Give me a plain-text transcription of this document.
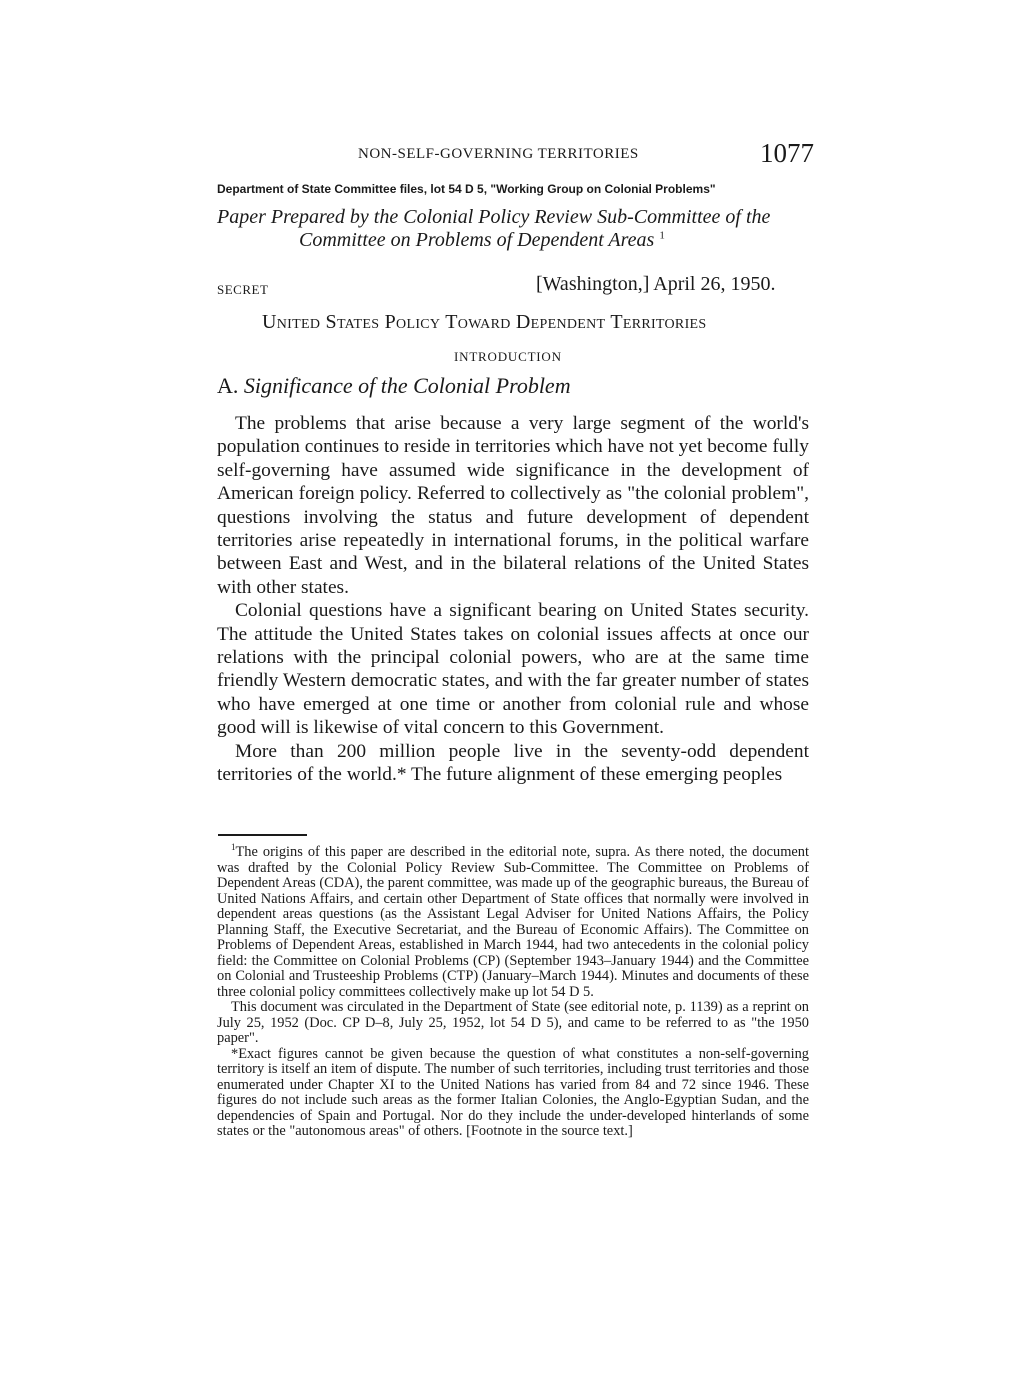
NON-SELF-GOVERNING TERRITORIES	1077
Department of State Committee files, lot 54 D 5, "Working Group on Colonial Problems"
Paper Prepared by the Colonial Policy Review Sub-Committee of the
Committee on Problems of Dependent Areas $^1$
SECRET	[Washington,] April 26, 1950.
United States Policy Toward Dependent Territories
INTRODUCTION
A. Significance of the Colonial Problem

The problems that arise because a very large segment of the world's population continues to reside in territories which have not yet become fully self-governing have assumed wide significance in the development of American foreign policy. Referred to collectively as "the colonial problem", questions involving the status and future development of dependent territories arise repeatedly in international forums, in the political warfare between East and West, and in the bilateral relations of the United States with other states.

Colonial questions have a significant bearing on United States security. The attitude the United States takes on colonial issues affects at once our relations with the principal colonial powers, who are at the same time friendly Western democratic states, and with the far greater number of states who have emerged at one time or another from colonial rule and whose good will is likewise of vital concern to this Government.

More than 200 million people live in the seventy-odd dependent territories of the world.* The future alignment of these emerging peoples

$^1$The origins of this paper are described in the editorial note, supra. As there noted, the document was drafted by the Colonial Policy Review Sub-Committee. The Committee on Problems of Dependent Areas (CDA), the parent committee, was made up of the geographic bureaus, the Bureau of United Nations Affairs, and certain other Department of State offices that normally were involved in dependent areas questions (as the Assistant Legal Adviser for United Nations Affairs, the Policy Planning Staff, the Executive Secretariat, and the Bureau of Economic Affairs). The Committee on Problems of Dependent Areas, established in March 1944, had two antecedents in the colonial policy field: the Committee on Colonial Problems (CP) (September 1943–January 1944) and the Committee on Colonial and Trusteeship Problems (CTP) (January–March 1944). Minutes and documents of these three colonial policy committees collectively make up lot 54 D 5.

This document was circulated in the Department of State (see editorial note, p. 1139) as a reprint on July 25, 1952 (Doc. CP D–8, July 25, 1952, lot 54 D 5), and came to be referred to as "the 1950 paper".

*Exact figures cannot be given because the question of what constitutes a non-self-governing territory is itself an item of dispute. The number of such territories, including trust territories and those enumerated under Chapter XI to the United Nations has varied from 84 and 72 since 1946. These figures do not include such areas as the former Italian Colonies, the Anglo-Egyptian Sudan, and the dependencies of Spain and Portugal. Nor do they include the under-developed hinterlands of some states or the "autonomous areas" of others. [Footnote in the source text.]
